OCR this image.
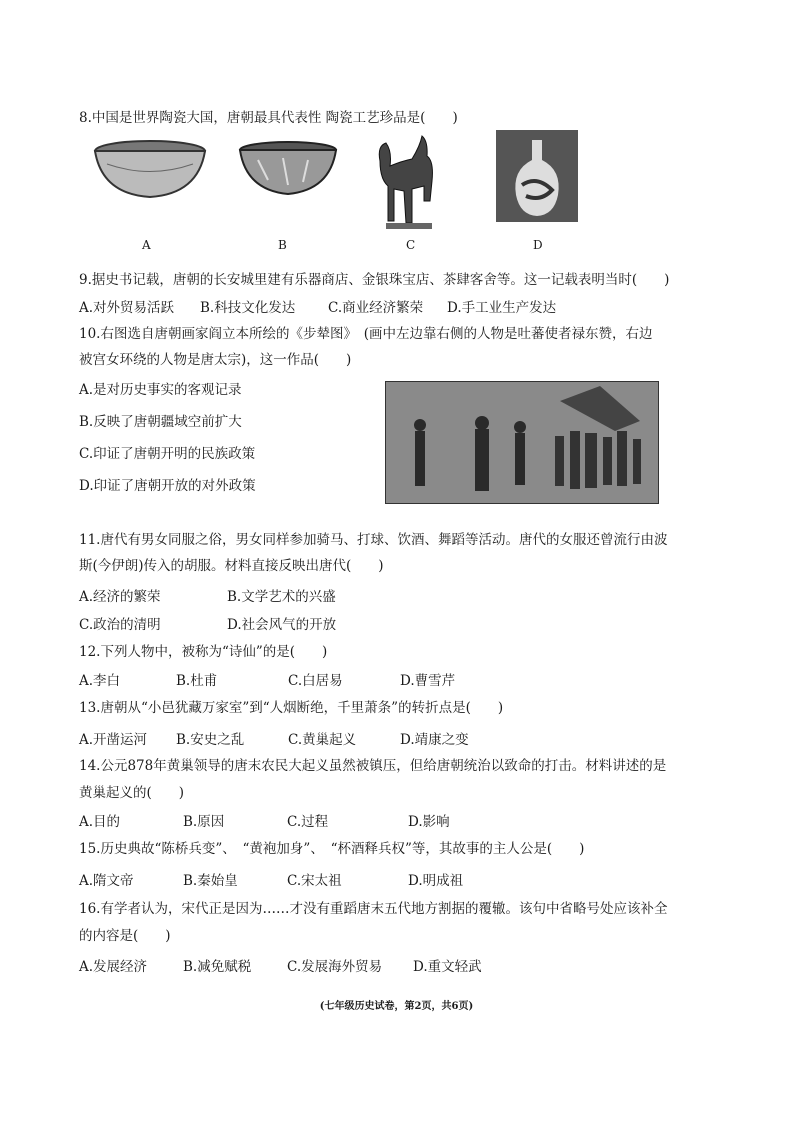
8.中国是世界陶瓷大国，唐朝最具代表性 陶瓷工艺珍品是(　　)
A	B	C	D
9.据史书记载，唐朝的长安城里建有乐器商店、金银珠宝店、茶肆客舍等。这一记载表明当时(　　)
A.对外贸易活跃 B.科技文化发达 C.商业经济繁荣 D.手工业生产发达
10.右图选自唐朝画家阎立本所绘的《步辇图》　(画中左边靠右侧的人物是吐蕃使者禄东赞，右边
被宫女环绕的人物是唐太宗)，这一作品(　　)
A.是对历史事实的客观记录
B.反映了唐朝疆域空前扩大
C.印证了唐朝开明的民族政策
D.印证了唐朝开放的对外政策
11.唐代有男女同服之俗，男女同样参加骑马、打球、饮酒、舞蹈等活动。唐代的女服还曾流行由波
斯(今伊朗)传入的胡服。材料直接反映出唐代(　　)
A.经济的繁荣	B.文学艺术的兴盛
C.政治的清明	D.社会风气的开放
12.下列人物中，被称为“诗仙”的是(　　)
A.李白	B.杜甫	C.白居易	D.曹雪芹
13.唐朝从“小邑犹藏万家室”到“人烟断绝，千里萧条”的转折点是(　　)
A.开凿运河 B.安史之乱	C.黄巢起义	D.靖康之变
14.公元878年黄巢领导的唐末农民大起义虽然被镇压，但给唐朝统治以致命的打击。材料讲述的是
黄巢起义的(　　)
A.目的	B.原因	C.过程	D.影响
15.历史典故“陈桥兵变”、　“黄袍加身”、　“杯酒释兵权”等，其故事的主人公是(　　)
A.隋文帝	B.秦始皇	C.宋太祖	D.明成祖
16.有学者认为，宋代正是因为……才没有重蹈唐末五代地方割据的覆辙。该句中省略号处应该补全
的内容是(　　)
A.发展经济	B.减免赋税	C.发展海外贸易 D.重文轻武
(七年级历史试卷，第2页，共6页)
